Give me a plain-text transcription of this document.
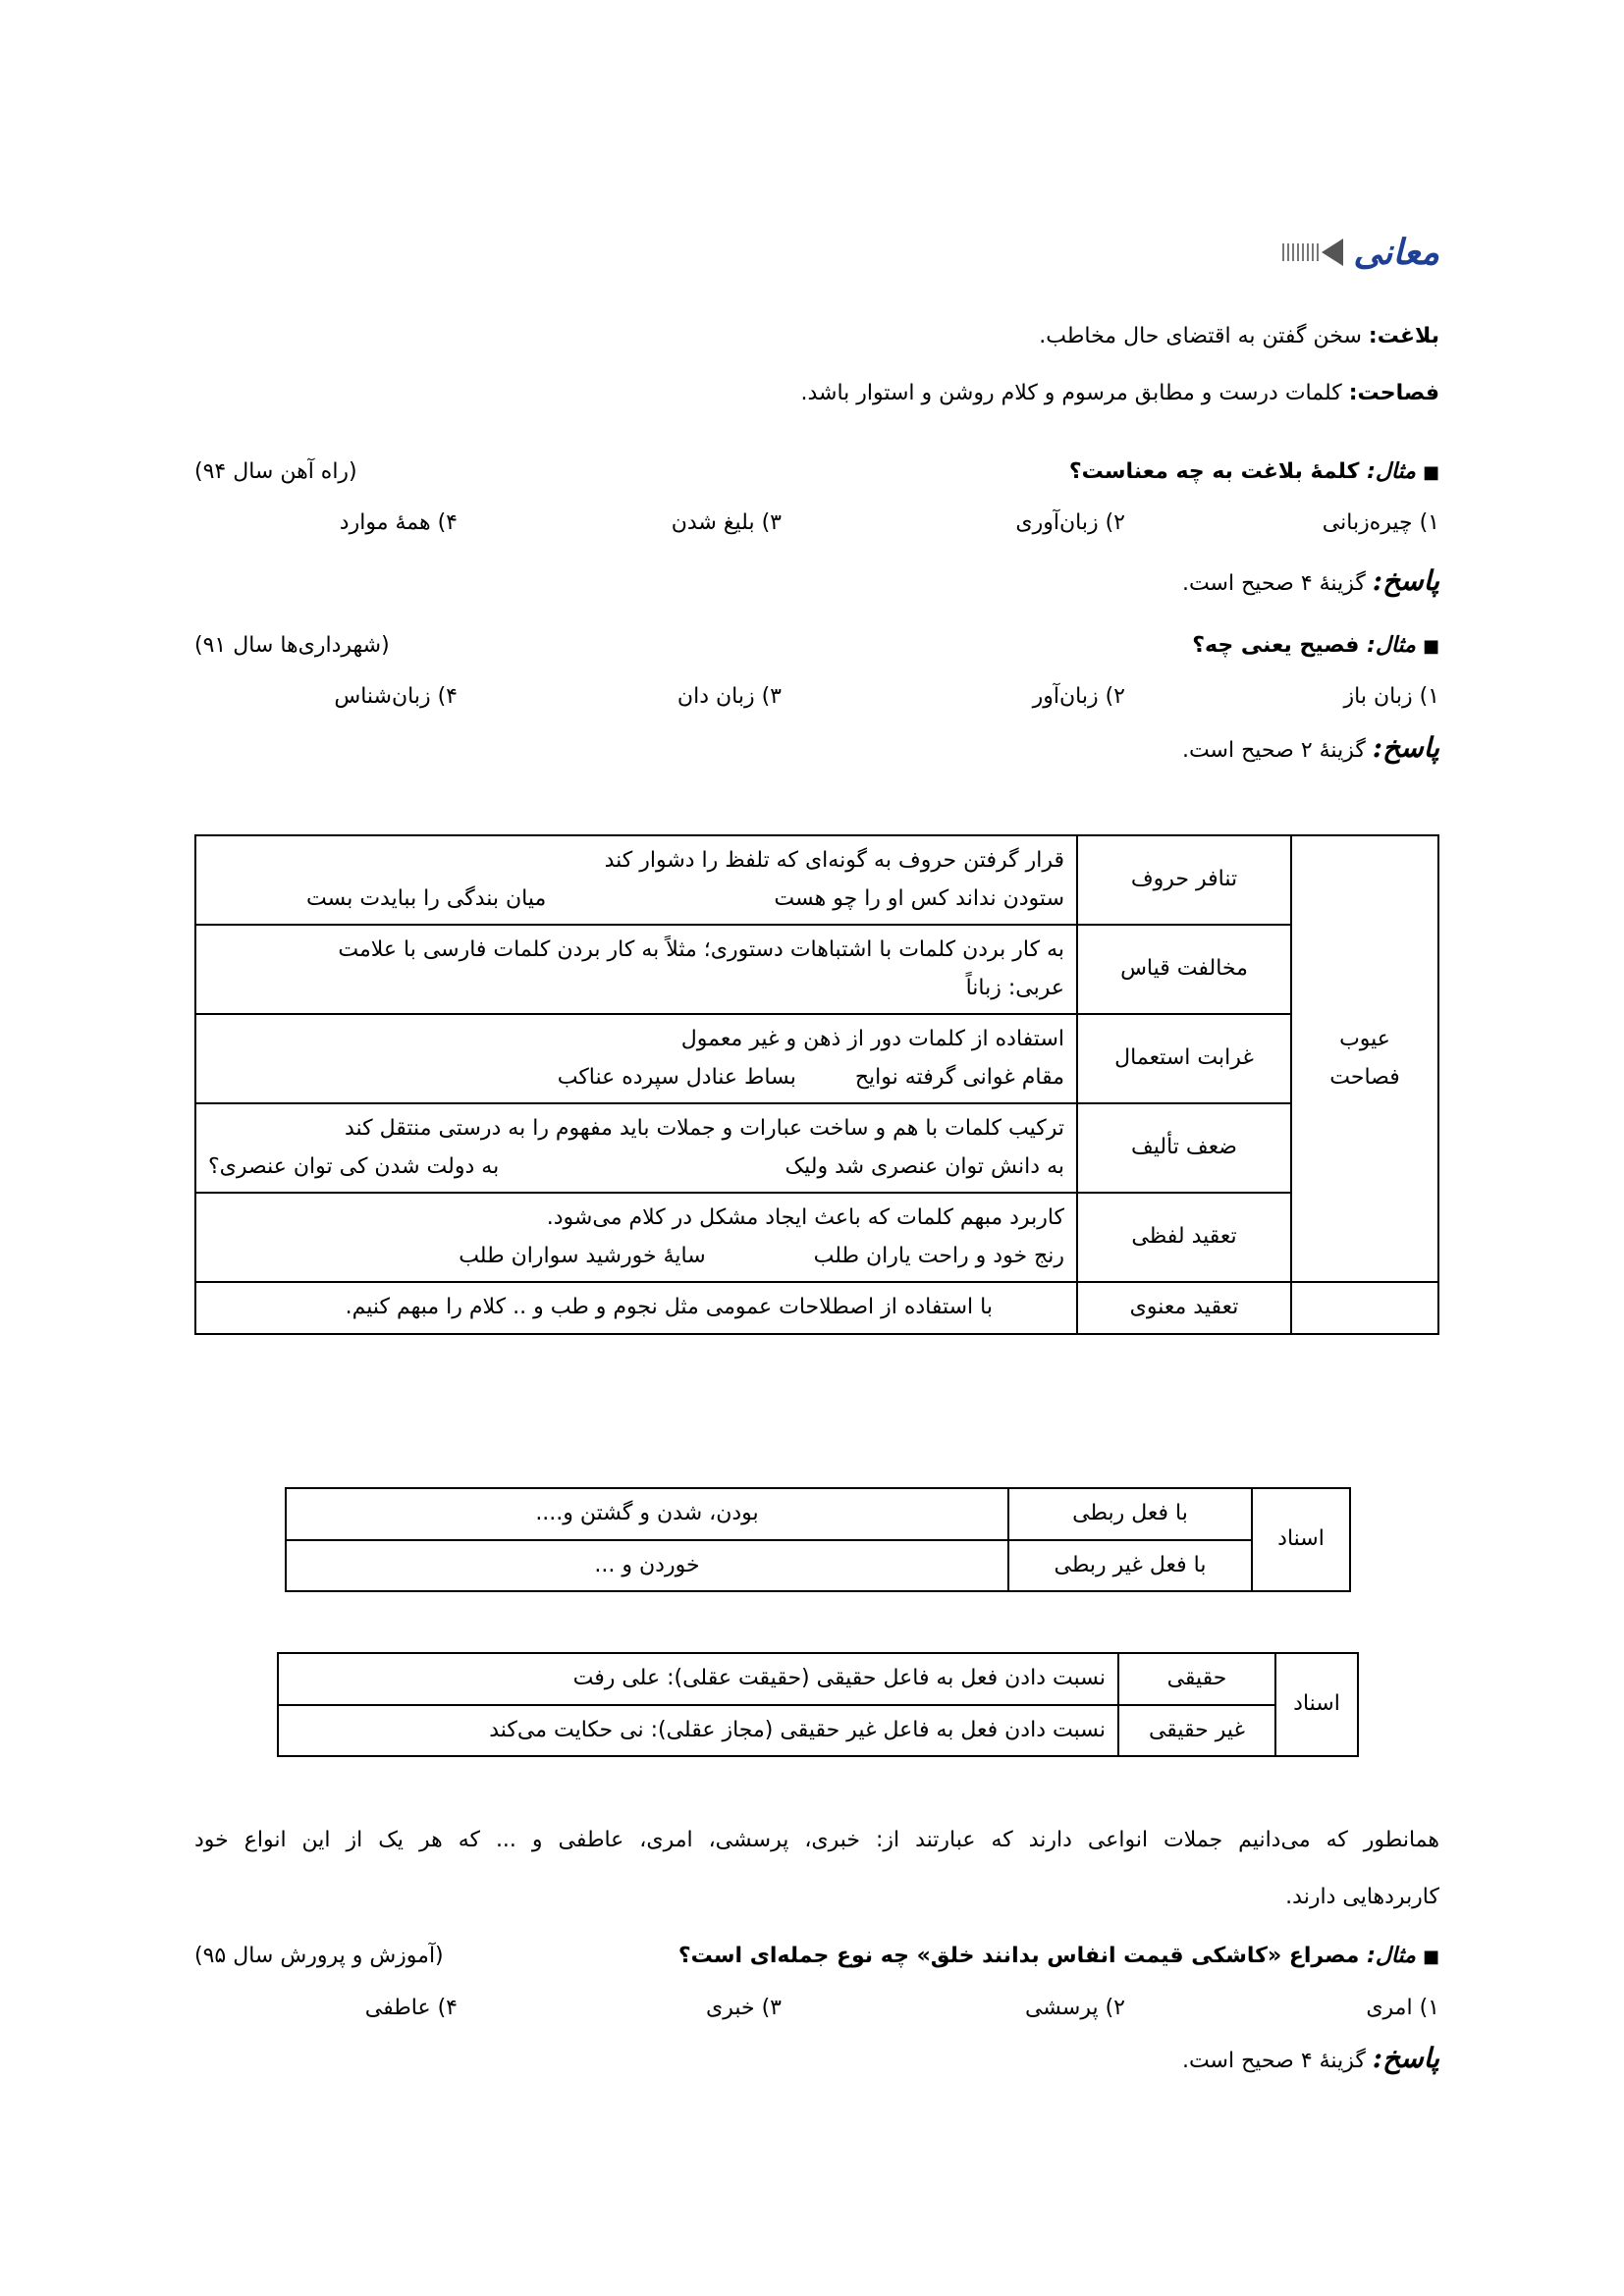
معانی
بلاغت: سخن گفتن به اقتضای حال مخاطب.
فصاحت: کلمات درست و مطابق مرسوم و کلام روشن و استوار باشد.
■ مثال: کلمۀ بلاغت به چه معناست؟
(راه آهن سال ۹۴)
۱) چیره‌زبانی
۲) زبان‌آوری
۳) بلیغ شدن
۴) همۀ موارد
پاسخ: گزینۀ ۴ صحیح است.
■ مثال: فصیح یعنی چه؟
(شهرداری‌ها سال ۹۱)
۱) زبان باز
۲) زبان‌آور
۳) زبان دان
۴) زبان‌شناس
پاسخ: گزینۀ ۲ صحیح است.
عیوب فصاحت	تنافر حروف	قرار گرفتن حروف به گونه‌ای که تلفظ را دشوار کند
ستودن نداند کس او را چو هست
میان بندگی را ببایدت بست

	مخالفت قیاس	به کار بردن کلمات با اشتباهات دستوری؛ مثلاً به کار بردن کلمات فارسی با علامت
عربی: زباناً

	غرابت استعمال	استفاده از کلمات دور از ذهن و غیر معمول
مقام غوانی گرفته نوایح
بساط عنادل سپرده عناکب

	ضعف تألیف	ترکیب کلمات با هم و ساخت عبارات و جملات باید مفهوم را به درستی منتقل کند
به دانش توان عنصری شد ولیک
به دولت شدن کی توان عنصری؟

	تعقید لفظی	کاربرد مبهم کلمات که باعث ایجاد مشکل در کلام می‌شود.
رنج خود و راحت یاران طلب
سایۀ خورشید سواران طلب

	تعقید معنوی	با استفاده از اصطلاحات عمومی مثل نجوم و طب و .. کلام را مبهم کنیم.
اسناد	با فعل ربطی	بودن، شدن و گشتن و....
	با فعل غیر ربطی	خوردن و ...
اسناد	حقیقی	نسبت دادن فعل به فاعل حقیقی (حقیقت عقلی): علی رفت
	غیر حقیقی	نسبت دادن فعل به فاعل غیر حقیقی (مجاز عقلی): نی حکایت می‌کند
همانطور که می‌دانیم جملات انواعی دارند که عبارتند از: خبری، پرسشی، امری، عاطفی و ... که هر یک از این انواع خود
کاربردهایی دارند.
■ مثال: مصراع «کاشکی قیمت انفاس بدانند خلق» چه نوع جمله‌ای است؟
(آموزش و پرورش سال ۹۵)
۱) امری
۲) پرسشی
۳) خبری
۴) عاطفی
پاسخ: گزینۀ ۴ صحیح است.
